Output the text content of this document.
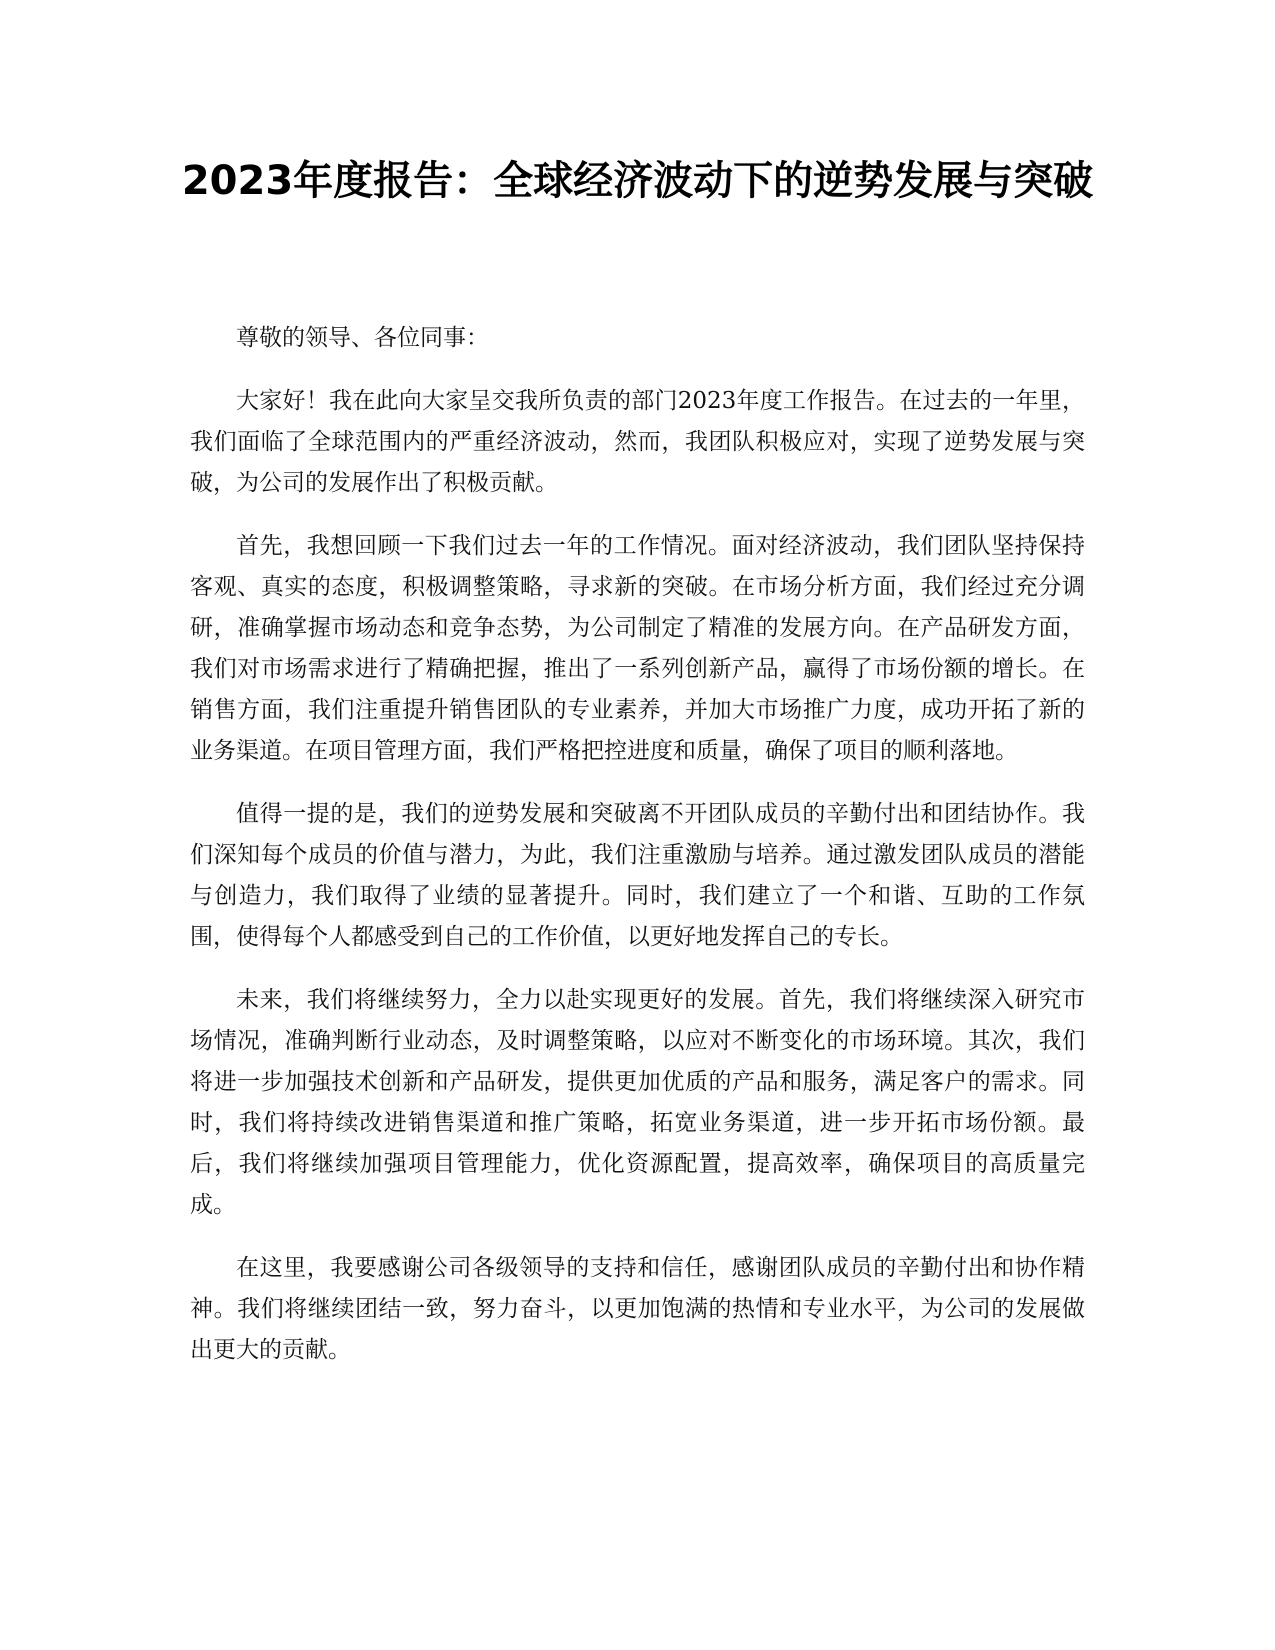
2023年度报告：全球经济波动下的逆势发展与突破

尊敬的领导、各位同事：

大家好！我在此向大家呈交我所负责的部门2023年度工作报告。在过去的一年里，我们面临了全球范围内的严重经济波动，然而，我团队积极应对，实现了逆势发展与突破，为公司的发展作出了积极贡献。

首先，我想回顾一下我们过去一年的工作情况。面对经济波动，我们团队坚持保持客观、真实的态度，积极调整策略，寻求新的突破。在市场分析方面，我们经过充分调研，准确掌握市场动态和竞争态势，为公司制定了精准的发展方向。在产品研发方面，我们对市场需求进行了精确把握，推出了一系列创新产品，赢得了市场份额的增长。在销售方面，我们注重提升销售团队的专业素养，并加大市场推广力度，成功开拓了新的业务渠道。在项目管理方面，我们严格把控进度和质量，确保了项目的顺利落地。

值得一提的是，我们的逆势发展和突破离不开团队成员的辛勤付出和团结协作。我们深知每个成员的价值与潜力，为此，我们注重激励与培养。通过激发团队成员的潜能与创造力，我们取得了业绩的显著提升。同时，我们建立了一个和谐、互助的工作氛围，使得每个人都感受到自己的工作价值，以更好地发挥自己的专长。

未来，我们将继续努力，全力以赴实现更好的发展。首先，我们将继续深入研究市场情况，准确判断行业动态，及时调整策略，以应对不断变化的市场环境。其次，我们将进一步加强技术创新和产品研发，提供更加优质的产品和服务，满足客户的需求。同时，我们将持续改进销售渠道和推广策略，拓宽业务渠道，进一步开拓市场份额。最后，我们将继续加强项目管理能力，优化资源配置，提高效率，确保项目的高质量完成。

在这里，我要感谢公司各级领导的支持和信任，感谢团队成员的辛勤付出和协作精神。我们将继续团结一致，努力奋斗，以更加饱满的热情和专业水平，为公司的发展做出更大的贡献。
